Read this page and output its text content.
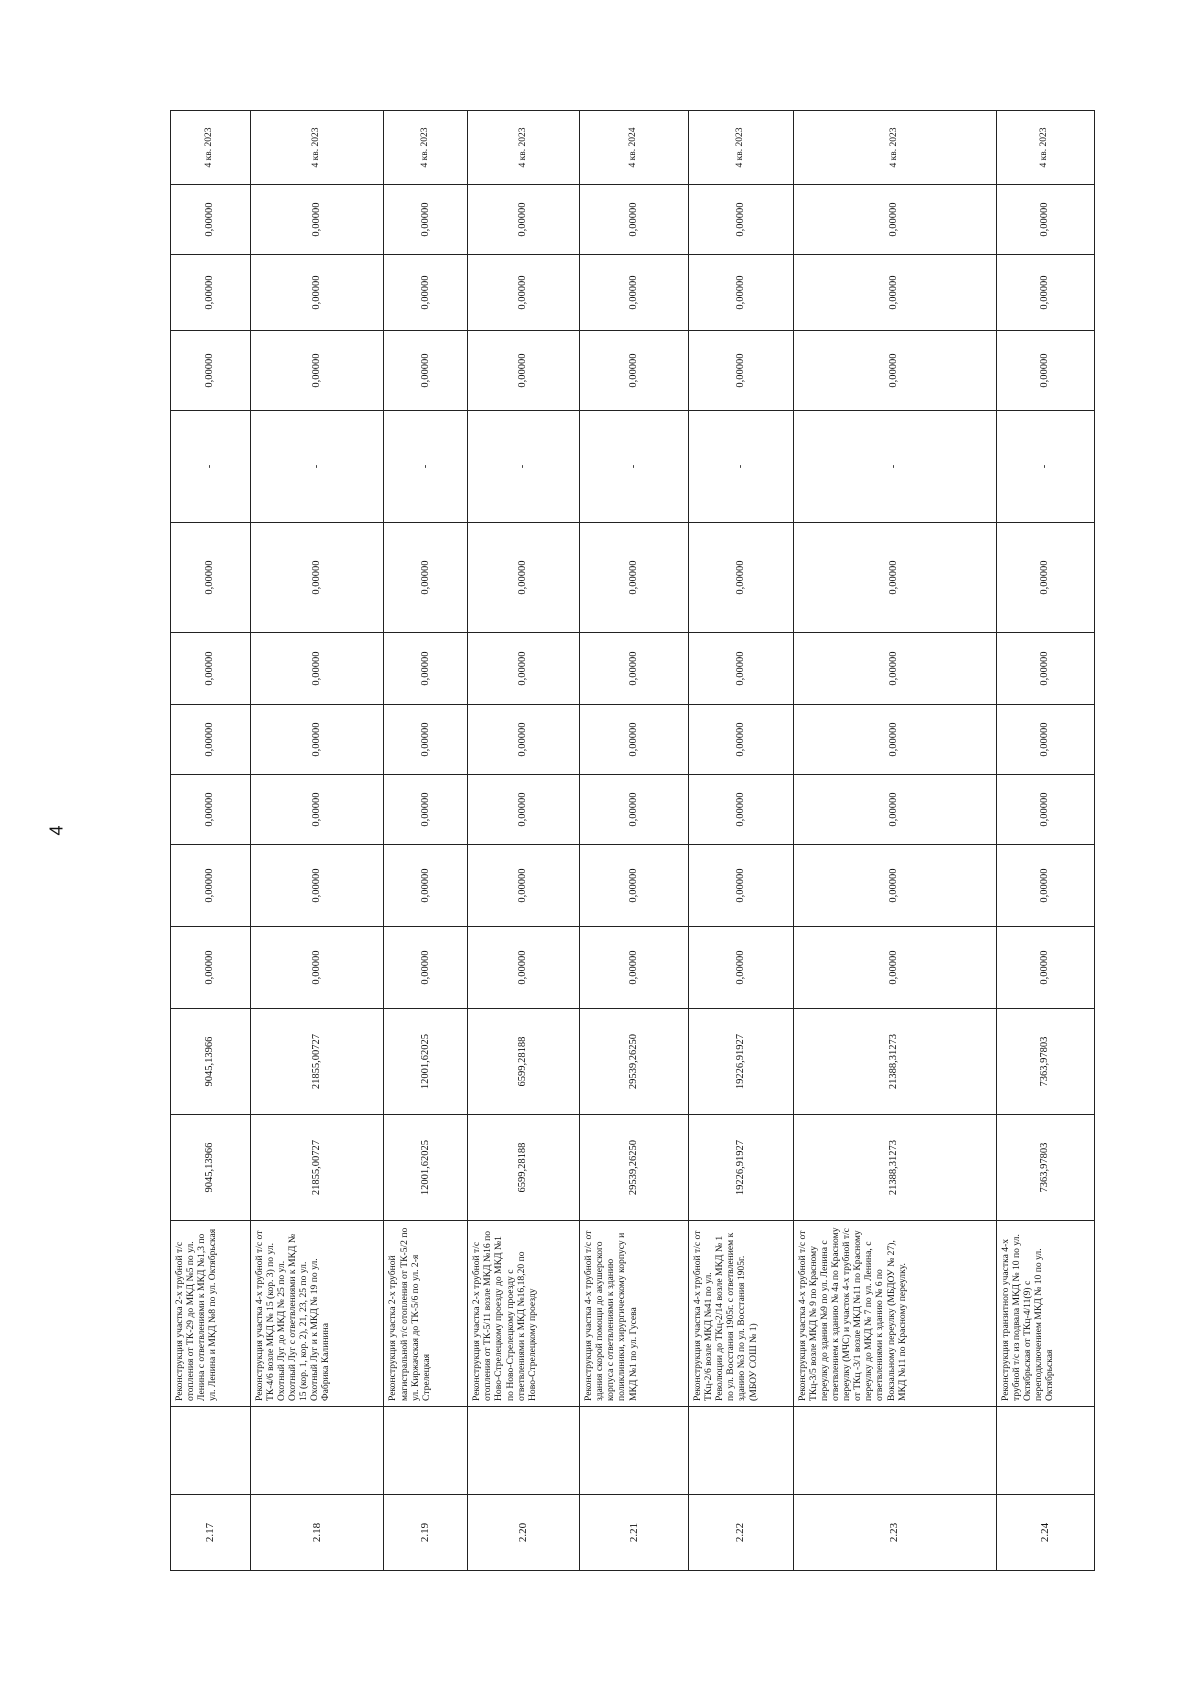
4
2.17		Реконструкция участка 2-х трубной т/с отопления от ТК-29 до МКД №5 по ул. Ленина с ответвлениями к МКД №1,3 по ул. Ленина и МКД №8 по ул. Октябрьская	9045,13966	9045,13966	0,00000	0,00000	0,00000	0,00000	0,00000	0,00000	-	0,00000	0,00000	0,00000	4 кв. 2023
2.18		Реконструкция участка 4-х трубной т/с от ТК-4/6 возле МКД № 15 (кор. 3) по ул. Охотный Луг до МКД № 25 по ул. Охотный Луг с ответвлениями к МКД № 15 (кор. 1, кор. 2), 21, 23, 25 по ул. Охотный Луг и к МКД № 19 по ул. Фабрика Калинина	21855,00727	21855,00727	0,00000	0,00000	0,00000	0,00000	0,00000	0,00000	-	0,00000	0,00000	0,00000	4 кв. 2023
2.19		Реконструкция участка 2-х трубной магистральной т/с отопления от ТК-5/2 по ул. Киржачская до ТК-5/6 по ул. 2-я Стрелецкая	12001,62025	12001,62025	0,00000	0,00000	0,00000	0,00000	0,00000	0,00000	-	0,00000	0,00000	0,00000	4 кв. 2023
2.20		Реконструкция участка 2-х трубной т/с отопления от ТК-5/11 возле МКД №16 по Ново-Стрелецкому проезду до МКД №1 по Ново-Стрелецкому проезду с ответвлениями к МКД №16,18,20 по Ново-Стрелецкому проезду	6599,28188	6599,28188	0,00000	0,00000	0,00000	0,00000	0,00000	0,00000	-	0,00000	0,00000	0,00000	4 кв. 2023
2.21		Реконструкция участка 4-х трубной т/с от здания скорой помощи до акушерского корпуса с ответвлениями к зданию поликлиники, хирургическому корпусу и МКД №1 по ул. Гусева	29539,26250	29539,26250	0,00000	0,00000	0,00000	0,00000	0,00000	0,00000	-	0,00000	0,00000	0,00000	4 кв. 2024
2.22		Реконструкция участка 4-х трубной т/с от ТКц-2/6 возле МКД №41 по ул. Революции до ТКц-2/14 возле МКД № 1 по ул. Восстания 1905г. с ответвлением к зданию №3 по ул. Восстания 1905г. (МБОУ СОШ № 1)	19226,91927	19226,91927	0,00000	0,00000	0,00000	0,00000	0,00000	0,00000	-	0,00000	0,00000	0,00000	4 кв. 2023
2.23		Реконструкция участка 4-х трубной т/с от ТКц-3/5 возле МКД № 9 по Красному переулку до здания №9 по ул. Ленина с ответвлением к зданию № 4а по Красному переулку (МЧС) и участок 4-х трубной т/с от ТКц -3/1 возле МКД №11 по Красному переулку до МКД № 7 по ул. Ленина, с ответвлениями к зданию № 6 по Вокзальному переулку (МБДОУ № 27), МКД №11 по Красному переулку.	21388,31273	21388,31273	0,00000	0,00000	0,00000	0,00000	0,00000	0,00000	-	0,00000	0,00000	0,00000	4 кв. 2023
2.24		Реконструкция транзитного участка 4-х трубной т/с из подвала МКД № 10 по ул. Октябрьская от ТКц-4/11(9) с переподключением МКД № 10 по ул. Октябрьская	7363,97803	7363,97803	0,00000	0,00000	0,00000	0,00000	0,00000	0,00000	-	0,00000	0,00000	0,00000	4 кв. 2023
